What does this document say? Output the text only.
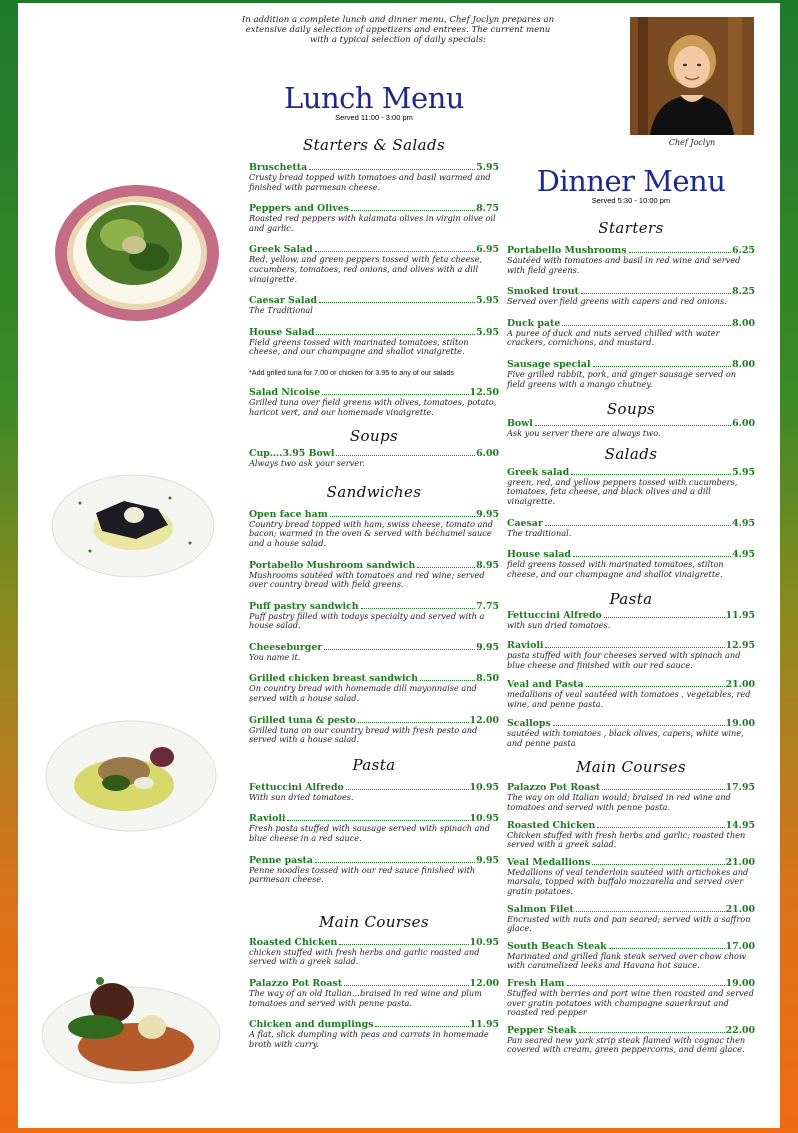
In addition a complete lunch and dinner menu, Chef Joclyn prepares an extensive daily selection of appetizers and entrees. The current menu with a typical selection of daily specials:
Chef Joclyn
Lunch Menu
Served 11:00 - 3:00 pm
Starters & Salads
Bruschetta	5.95
Crusty bread topped with tomatoes and basil warmed and finished with parmesan cheese.
Peppers and Olives	8.75
Roasted red peppers with kalamata olives in virgin olive oil and garlic.
Greek Salad	6.95
Red, yellow, and green peppers tossed with feta cheese, cucumbers, tomatoes, red onions, and olives with a dill vinaigrette.
Caesar Salad	5.95
The Traditional
House Salad	5.95
Field greens tossed with marinated tomatoes, stilton cheese, and our champagne and shallot vinaigrette.
*Add grilled tuna for 7.00 or chicken for 3.95 to any of our salads
Salad Nicoise	12.50
Grilled tuna over field greens with olives, tomatoes, potato, haricot vert, and our homemade vinaigrette.
Soups
Cup….3.95 Bowl	6.00
Always two ask your server.
Sandwiches
Open face ham	9.95
Country bread topped with ham, swiss cheese, tomato and bacon; warmed in the oven & served with béchamel sauce and a house salad.
Portabello Mushroom sandwich	8.95
Mushrooms sautéed with tomatoes and red wine; served over country bread with field greens.
Puff pastry sandwich	7.75
Puff pastry filled with todays specialty and served with a house salad.
Cheeseburger	9.95
You name it.
Grilled chicken breast sandwich	8.50
On country bread with homemade dill mayonnaise and served with a house salad.
Grilled tuna & pesto	12.00
Grilled tuna on our country bread with fresh pesto and served with a house salad.
Pasta
Fettuccini Alfredo	10.95
With sun dried tomatoes.
Ravioli	10.95
Fresh pasta stuffed with sausage served with spinach and blue cheese in a red sauce.
Penne pasta	9.95
Penne noodles tossed with our red sauce finished with parmesan cheese.
Main Courses
Roasted Chicken	10.95
chicken stuffed with fresh herbs and garlic roasted and served with a greek salad.
Palazzo Pot Roast	12.00
The way of an old Italian…braised in red wine and plum tomatoes and served with penne pasta.
Chicken and dumplings	11.95
A flat, slick dumpling with peas and carrots in homemade broth with curry.
Dinner Menu
Served 5:30 - 10:00 pm
Starters
Portabello Mushrooms	6.25
Sautéed with tomatoes and basil in red wine and served with field greens.
Smoked trout	8.25
Served over field greens with capers and red onions.
Duck pate	8.00
A puree of duck and nuts served chilled with water crackers, cornichons, and mustard.
Sausage special	8.00
Five grilled rabbit, pork, and ginger sausage served on field greens with a mango chutney.
Soups
Bowl	6.00
Ask you server there are always two.
Salads
Greek salad	5.95
green, red, and yellow peppers tossed with cucumbers, tomatoes, feta cheese, and black olives and a dill vinaigrette.
Caesar	4.95
The traditional.
House salad	4.95
field greens tossed with marinated tomatoes, stilton cheese, and our champagne and shallot vinaigrette.
Pasta
Fettuccini Alfredo	11.95
with sun dried tomatoes.
Ravioli	12.95
pasta stuffed with four cheeses served with spinach and blue cheese and finished with our red sauce.
Veal and Pasta	21.00
medallions of veal sautéed with tomatoes , vegetables, red wine, and penne pasta.
Scallops	19.00
sautéed with tomatoes , black olives, capers, white wine, and penne pasta
Main Courses
Palazzo Pot Roast	17.95
The way on old Italian would; braised in red wine and tomatoes and served with penne pasta.
Roasted Chicken	14.95
Chicken stuffed with fresh herbs and garlic; roasted then served with a greek salad.
Veal Medallions	21.00
Medallions of veal tenderloin sautéed with artichokes and marsala, topped with buffalo mozzarella and served over gratin potatoes.
Salmon Filet	21.00
Encrusted with nuts and pan seared; served with a saffron glace.
South Beach Steak	17.00
Marinated and grilled flank steak served over chow chow with caramelized leeks and Havana hot sauce.
Fresh Ham	19.00
Stuffed with berries and port wine then roasted and served over gratin potatoes with champagne sauerkraut and roasted red pepper
Pepper Steak	22.00
Pan seared new york strip steak flamed with cognac then covered with cream, green peppercorns, and demi glace.
